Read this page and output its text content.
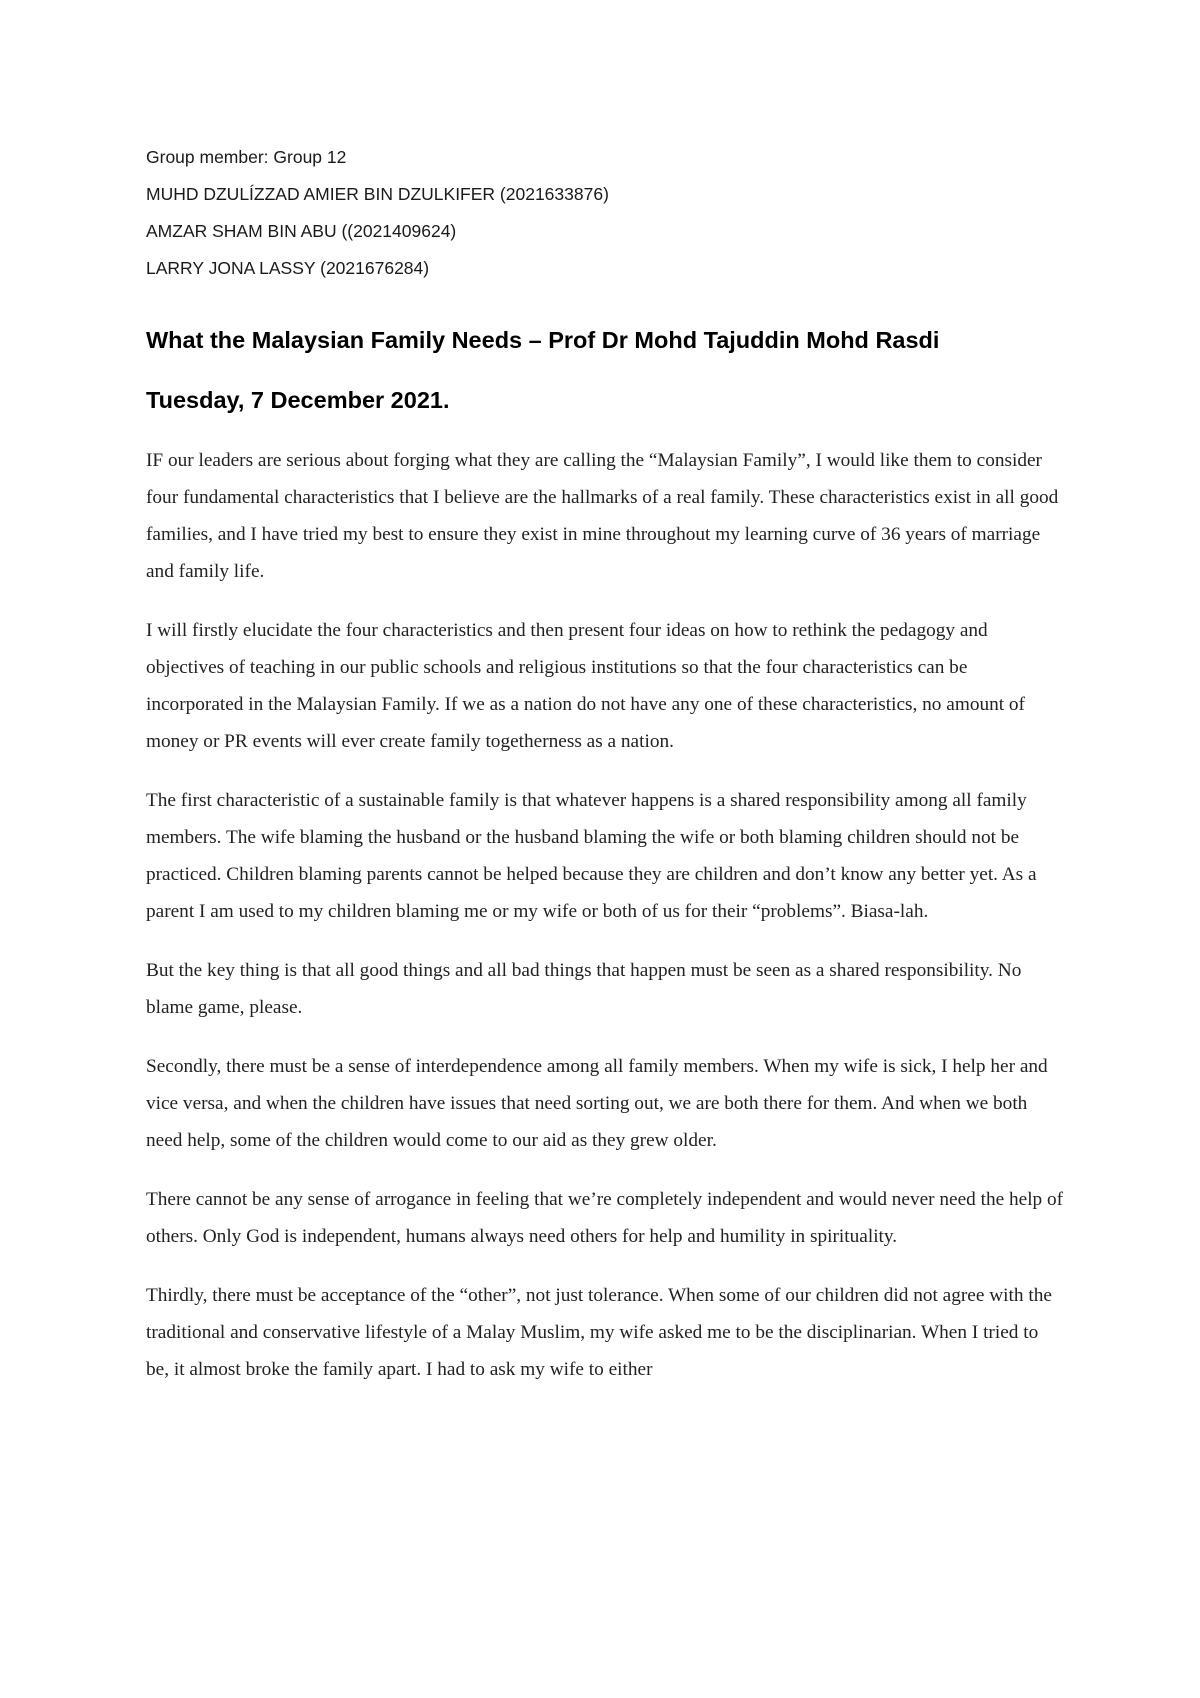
Group member: Group 12

MUHD DZULÍZZAD AMIER BIN DZULKIFER (2021633876)

AMZAR SHAM BIN ABU ((2021409624)

LARRY JONA LASSY (2021676284)

What the Malaysian Family Needs – Prof Dr Mohd Tajuddin Mohd Rasdi
Tuesday, 7 December 2021.

IF our leaders are serious about forging what they are calling the “Malaysian Family”, I would like them to consider four fundamental characteristics that I believe are the hallmarks of a real family. These characteristics exist in all good families, and I have tried my best to ensure they exist in mine throughout my learning curve of 36 years of marriage and family life.

I will firstly elucidate the four characteristics and then present four ideas on how to rethink the pedagogy and objectives of teaching in our public schools and religious institutions so that the four characteristics can be incorporated in the Malaysian Family. If we as a nation do not have any one of these characteristics, no amount of money or PR events will ever create family togetherness as a nation.

The first characteristic of a sustainable family is that whatever happens is a shared responsibility among all family members. The wife blaming the husband or the husband blaming the wife or both blaming children should not be practiced. Children blaming parents cannot be helped because they are children and don’t know any better yet. As a parent I am used to my children blaming me or my wife or both of us for their “problems”. Biasa-lah.

But the key thing is that all good things and all bad things that happen must be seen as a shared responsibility. No blame game, please.

Secondly, there must be a sense of interdependence among all family members. When my wife is sick, I help her and vice versa, and when the children have issues that need sorting out, we are both there for them. And when we both need help, some of the children would come to our aid as they grew older.

There cannot be any sense of arrogance in feeling that we’re completely independent and would never need the help of others. Only God is independent, humans always need others for help and humility in spirituality.

Thirdly, there must be acceptance of the “other”, not just tolerance. When some of our children did not agree with the traditional and conservative lifestyle of a Malay Muslim, my wife asked me to be the disciplinarian. When I tried to be, it almost broke the family apart. I had to ask my wife to either
